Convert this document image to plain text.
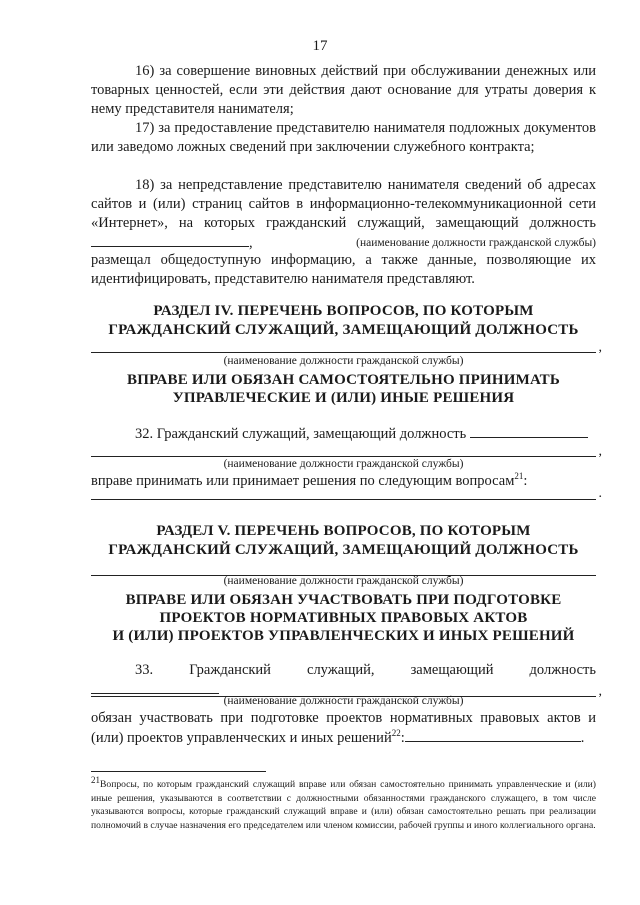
17
16) за совершение виновных действий при обслуживании денежных или товарных ценностей, если эти действия дают основание для утраты доверия к нему представителя нанимателя;
17) за предоставление представителю нанимателя подложных документов или заведомо ложных сведений при заключении служебного контракта;
18) за непредставление представителю нанимателя сведений об адресах сайтов и (или) страниц сайтов в информационно-телекоммуникационной сети «Интернет», на которых гражданский служащий, замещающий должность ,	(наименование должности гражданской службы)
размещал общедоступную информацию, а также данные, позволяющие их идентифицировать, представителю нанимателя представляют.
РАЗДЕЛ IV. ПЕРЕЧЕНЬ ВОПРОСОВ, ПО КОТОРЫМ
ГРАЖДАНСКИЙ СЛУЖАЩИЙ, ЗАМЕЩАЮЩИЙ ДОЛЖНОСТЬ
,
(наименование должности гражданской службы)
ВПРАВЕ ИЛИ ОБЯЗАН САМОСТОЯТЕЛЬНО ПРИНИМАТЬ
УПРАВЛЕЧЕСКИЕ И (ИЛИ) ИНЫЕ РЕШЕНИЯ
32. Гражданский служащий, замещающий должность
,
(наименование должности гражданской службы)
вправе принимать или принимает решения по следующим вопросам$^{21}$:
.
РАЗДЕЛ V. ПЕРЕЧЕНЬ ВОПРОСОВ, ПО КОТОРЫМ
ГРАЖДАНСКИЙ СЛУЖАЩИЙ, ЗАМЕЩАЮЩИЙ ДОЛЖНОСТЬ
(наименование должности гражданской службы)
ВПРАВЕ ИЛИ ОБЯЗАН УЧАСТВОВАТЬ ПРИ ПОДГОТОВКЕ
ПРОЕКТОВ НОРМАТИВНЫХ ПРАВОВЫХ АКТОВ
И (ИЛИ) ПРОЕКТОВ УПРАВЛЕНЧЕСКИХ И ИНЫХ РЕШЕНИЙ
33. Гражданский служащий, замещающий должность
,
(наименование должности гражданской службы)
обязан участвовать при подготовке проектов нормативных правовых актов и
(или) проектов управленческих и иных решений$^{22}$:	.
$^{21}$Вопросы, по которым гражданский служащий вправе или обязан самостоятельно принимать управленческие и (или) иные решения, указываются в соответствии с должностными обязанностями гражданского служащего, в том числе указываются вопросы, которые гражданский служащий вправе и (или) обязан самостоятельно решать при реализации полномочий в случае назначения его председателем или членом комиссии, рабочей группы и иного коллегиального органа.
